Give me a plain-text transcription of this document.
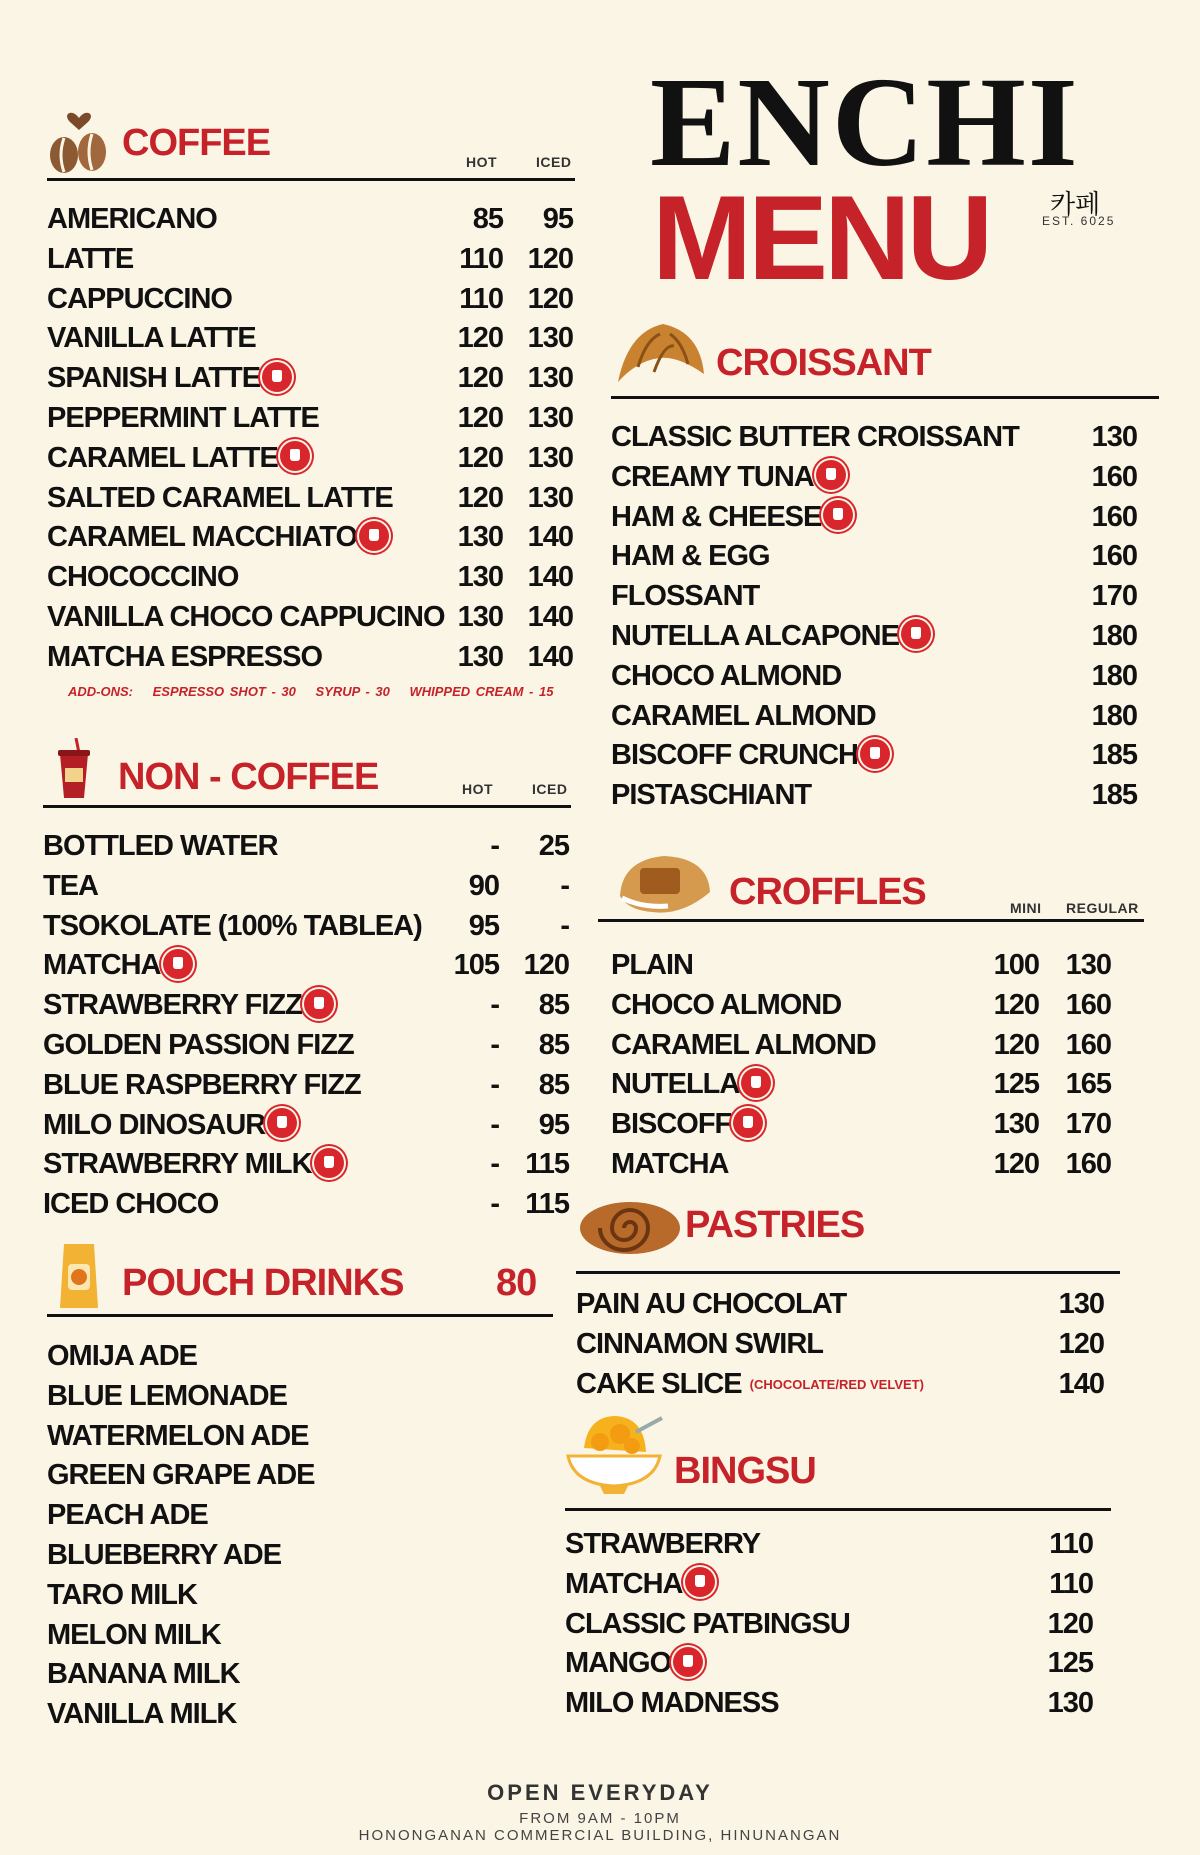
ENCHI
MENU 카페
EST. 6025
COFFEE	HOT	ICED
AMERICANO	85 95
LATTE	110 120
CAPPUCCINO	110 120
VANILLA LATTE	120 130
SPANISH LATTE	120 130
PEPPERMINT LATTE	120 130
CARAMEL LATTE	120 130
SALTED CARAMEL LATTE 120 130
CARAMEL MACCHIATO	130 140
CHOCOCCINO	130 140
VANILLA CHOCO CAPPUCINO 130 140
MATCHA ESPRESSO	130 140
ADD-ONS: ESPRESSO SHOT - 30 SYRUP - 30 WHIPPED CREAM - 15
NON - COFFEE	HOT	ICED
BOTTLED WATER	- 25
TEA	90 -
TSOKOLATE (100% TABLEA) 95 -
MATCHA	105 120
STRAWBERRY FIZZ	- 85
GOLDEN PASSION FIZZ	- 85
BLUE RASPBERRY FIZZ	- 85
MILO DINOSAUR	- 95
STRAWBERRY MILK	- 115
ICED CHOCO	- 115
POUCH DRINKS 80
OMIJA ADE
BLUE LEMONADE
WATERMELON ADE
GREEN GRAPE ADE
PEACH ADE
BLUEBERRY ADE
TARO MILK
MELON MILK
BANANA MILK
VANILLA MILK
CROISSANT
CLASSIC BUTTER CROISSANT	130
CREAMY TUNA	160
HAM & CHEESE	160
HAM & EGG	160
FLOSSANT	170
NUTELLA ALCAPONE	180
CHOCO ALMOND	180
CARAMEL ALMOND	180
BISCOFF CRUNCH	185
PISTASCHIANT	185
CROFFLES	MINI REGULAR
PLAIN	100 130
CHOCO ALMOND	120 160
CARAMEL ALMOND	120 160
NUTELLA	125 165
BISCOFF	130 170
MATCHA	120 160
PASTRIES
PAIN AU CHOCOLAT	130
CINNAMON SWIRL	120
CAKE SLICE (CHOCOLATE/RED VELVET)	140
BINGSU
STRAWBERRY	110
MATCHA	110
CLASSIC PATBINGSU	120
MANGO	125
MILO MADNESS	130
OPEN EVERYDAY
FROM 9AM - 10PM
HONONGANAN COMMERCIAL BUILDING, HINUNANGAN
